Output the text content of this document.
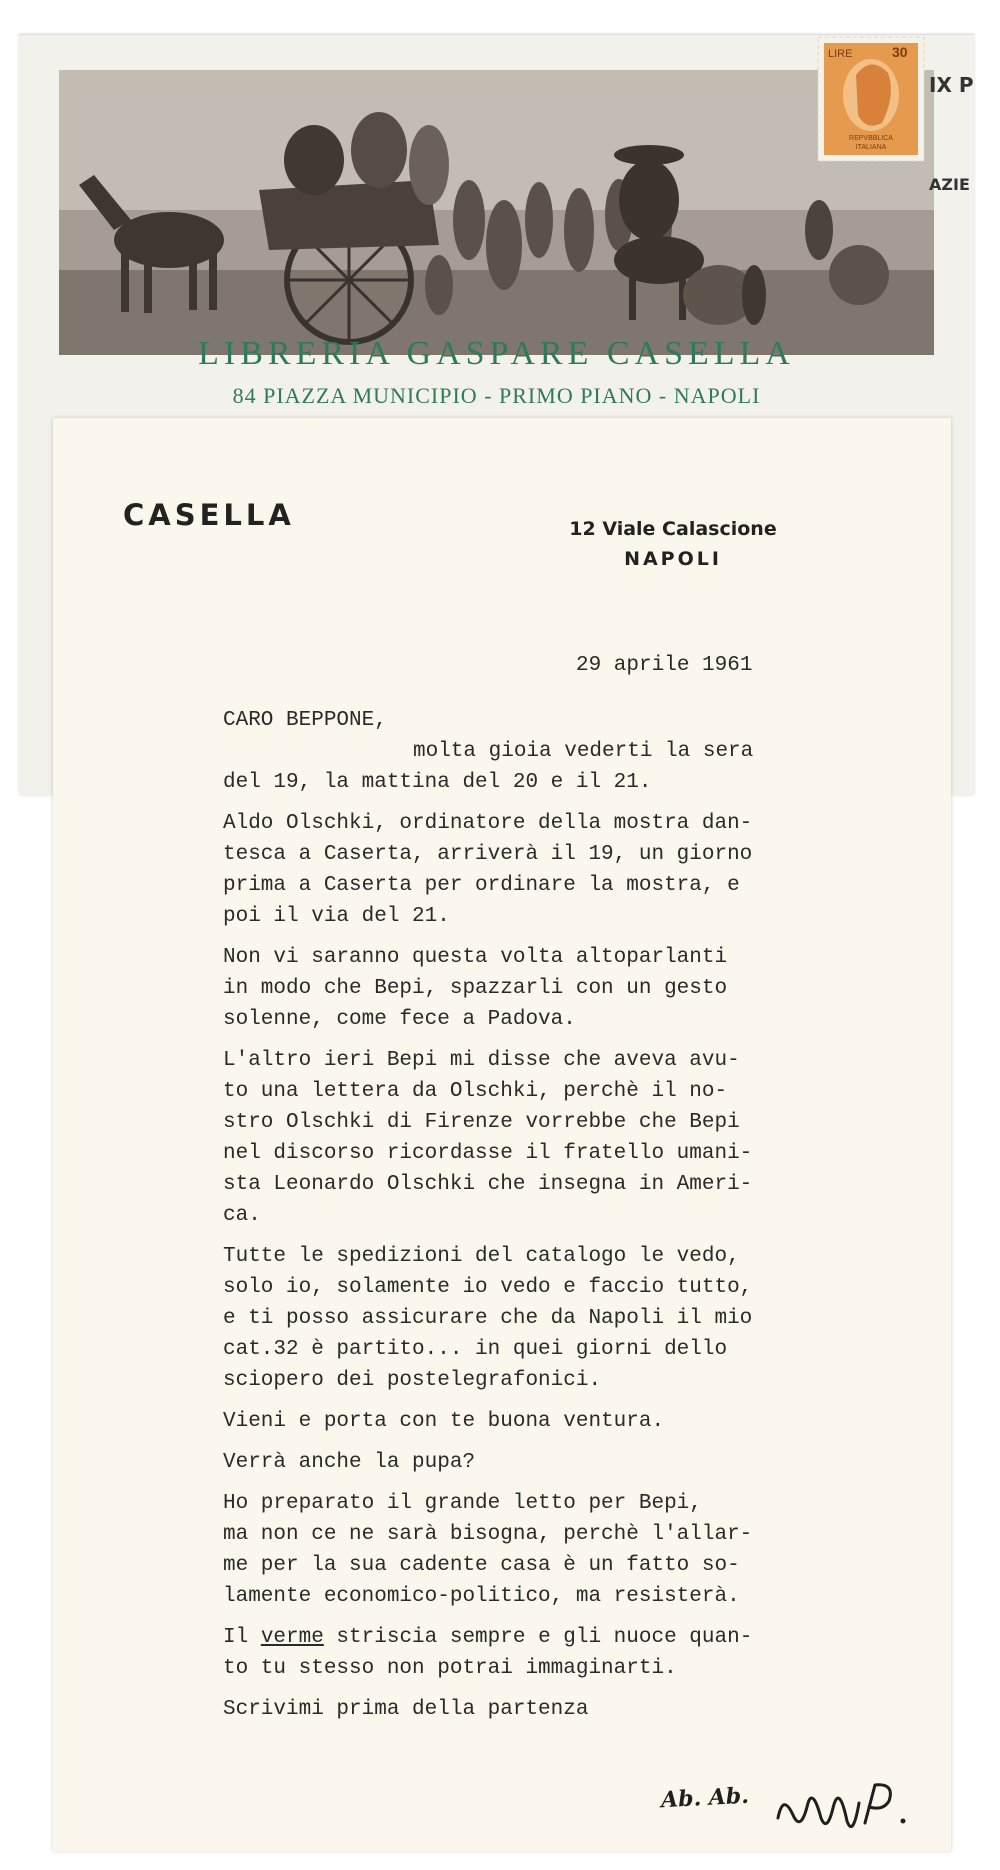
LIRE	30
REPVBBLICA
ITALIANA
IX P
AZIE
LIBRERIA GASPARE CASELLA
84 PIAZZA MUNICIPIO - PRIMO PIANO - NAPOLI
CASELLA	12 Viale Calascione
NAPOLI
29 aprile 1961
CARO BEPPONE,
molta gioia vederti la sera
del 19, la mattina del 20 e il 21.
Aldo Olschki, ordinatore della mostra dan-
tesca a Caserta, arriverà il 19, un giorno
prima a Caserta per ordinare la mostra, e
poi il via del 21.
Non vi saranno questa volta altoparlanti
in modo che Bepi, spazzarli con un gesto
solenne, come fece a Padova.
L'altro ieri Bepi mi disse che aveva avu-
to una lettera da Olschki, perchè il no-
stro Olschki di Firenze vorrebbe che Bepi
nel discorso ricordasse il fratello umani-
sta Leonardo Olschki che insegna in Ameri-
ca.
Tutte le spedizioni del catalogo le vedo,
solo io, solamente io vedo e faccio tutto,
e ti posso assicurare che da Napoli il mio
cat.32 è partito... in quei giorni dello
sciopero dei postelegrafonici.
Vieni e porta con te buona ventura.
Verrà anche la pupa?
Ho preparato il grande letto per Bepi,
ma non ce ne sarà bisogna, perchè l'allar-
me per la sua cadente casa è un fatto so-
lamente economico-politico, ma resisterà.
Il verme striscia sempre e gli nuoce quan-
to tu stesso non potrai immaginarti.
Scrivimi prima della partenza
Ab. Ab.
